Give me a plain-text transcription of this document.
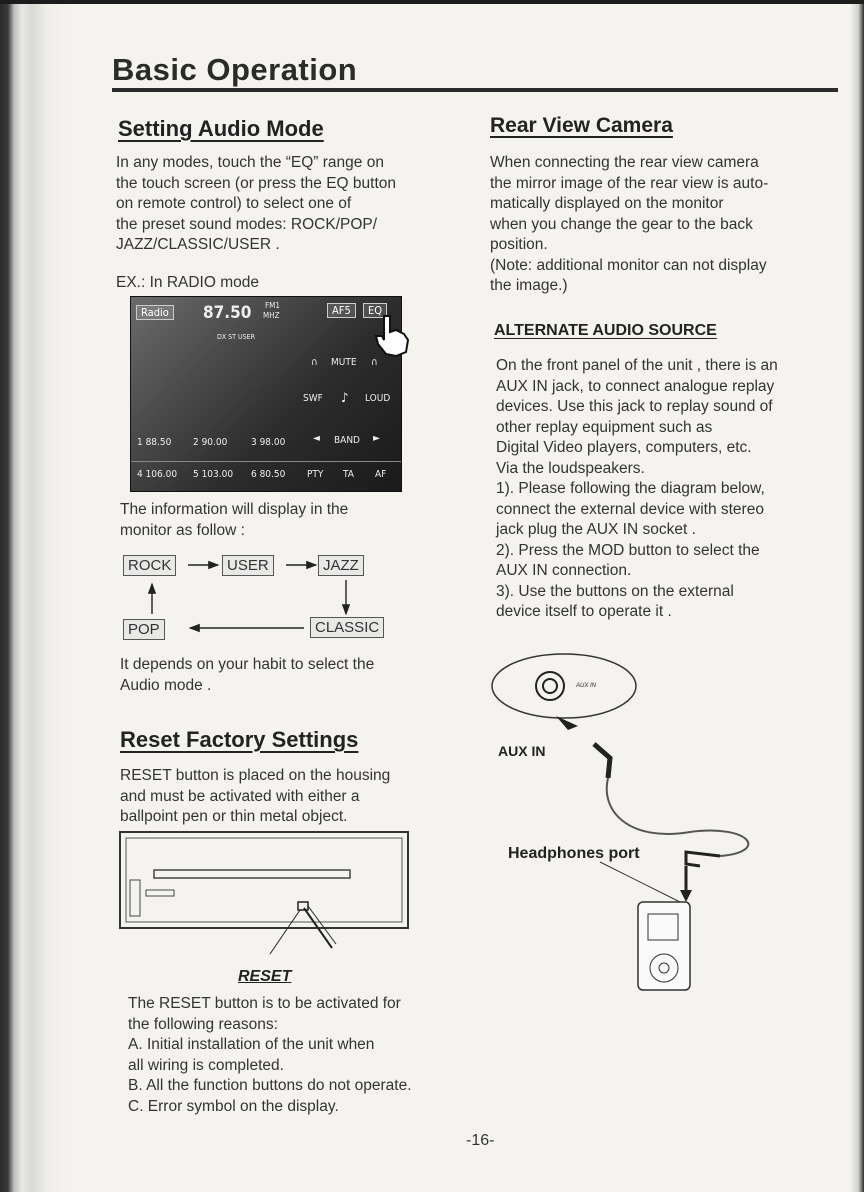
Basic Operation
Setting Audio Mode
In any modes, touch the “EQ” range on
the touch screen (or press the EQ button
on remote control) to select one of
the preset sound modes: ROCK/POP/
JAZZ/CLASSIC/USER .
EX.: In RADIO mode
Radio 87.50 FM1
MHZ	AF5	EQ
DX ST USER
∩ MUTE ∩
SWF ♪ LOUD
1 88.50 2 90.00 3 98.00	◄ BAND ►
4 106.00 5 103.00 6 80.50 PTY TA AF
The information will display in the
monitor as follow :
ROCK	USER	JAZZ
CLASSIC
POP
It depends on your habit to select the
Audio mode .
Reset Factory Settings
RESET button is placed on the housing
and must be activated with either a
ballpoint pen or thin metal object.
RESET
The RESET button is to be activated for
the following reasons:
A. Initial installation of the unit when
all wiring is completed.
B. All the function buttons do not operate.
C. Error symbol on the display.
Rear View Camera
When connecting the rear view camera
the mirror image of the rear view is auto-
matically displayed on the monitor
when you change the gear to the back
position.
(Note: additional monitor can not display
the image.)
ALTERNATE AUDIO SOURCE
On the front panel of the unit , there is an
AUX IN jack, to connect analogue replay
devices. Use this jack to replay sound of
other replay equipment such as
Digital Video players, computers, etc.
Via the loudspeakers.
1). Please following the diagram below,
connect the external device with stereo
jack plug the AUX IN socket .
2). Press the MOD button to select the
AUX IN connection.
3). Use the buttons on the external
device itself to operate it .
AUX IN
AUX IN
Headphones port
-16-
